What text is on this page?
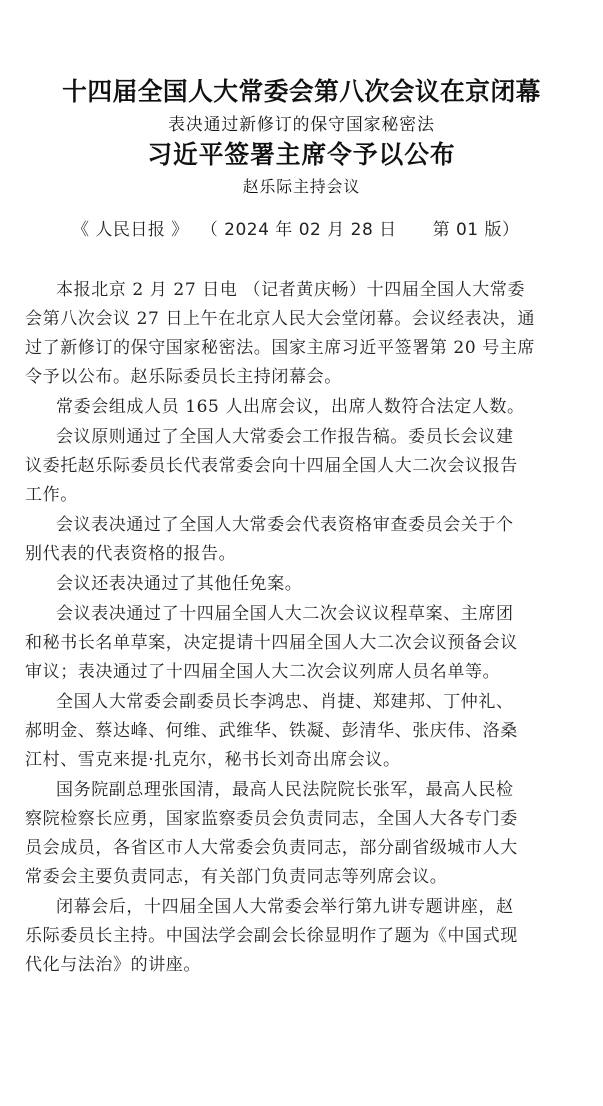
十四届全国人大常委会第八次会议在京闭幕
表决通过新修订的保守国家秘密法
习近平签署主席令予以公布
赵乐际主持会议
《 人民日报 》 （ 2024 年 02 月 28 日 第 01 版）
本报北京 2 月 27 日电 （记者黄庆畅）十四届全国人大常委
会第八次会议 27 日上午在北京人民大会堂闭幕。会议经表决，通
过了新修订的保守国家秘密法。国家主席习近平签署第 20 号主席
令予以公布。赵乐际委员长主持闭幕会。
常委会组成人员 165 人出席会议，出席人数符合法定人数。
会议原则通过了全国人大常委会工作报告稿。委员长会议建
议委托赵乐际委员长代表常委会向十四届全国人大二次会议报告
工作。
会议表决通过了全国人大常委会代表资格审查委员会关于个
别代表的代表资格的报告。
会议还表决通过了其他任免案。
会议表决通过了十四届全国人大二次会议议程草案、主席团
和秘书长名单草案，决定提请十四届全国人大二次会议预备会议
审议；表决通过了十四届全国人大二次会议列席人员名单等。
全国人大常委会副委员长李鸿忠、肖捷、郑建邦、丁仲礼、
郝明金、蔡达峰、何维、武维华、铁凝、彭清华、张庆伟、洛桑
江村、雪克来提·扎克尔，秘书长刘奇出席会议。
国务院副总理张国清，最高人民法院院长张军，最高人民检
察院检察长应勇，国家监察委员会负责同志，全国人大各专门委
员会成员，各省区市人大常委会负责同志，部分副省级城市人大
常委会主要负责同志，有关部门负责同志等列席会议。
闭幕会后，十四届全国人大常委会举行第九讲专题讲座，赵
乐际委员长主持。中国法学会副会长徐显明作了题为《中国式现
代化与法治》的讲座。
